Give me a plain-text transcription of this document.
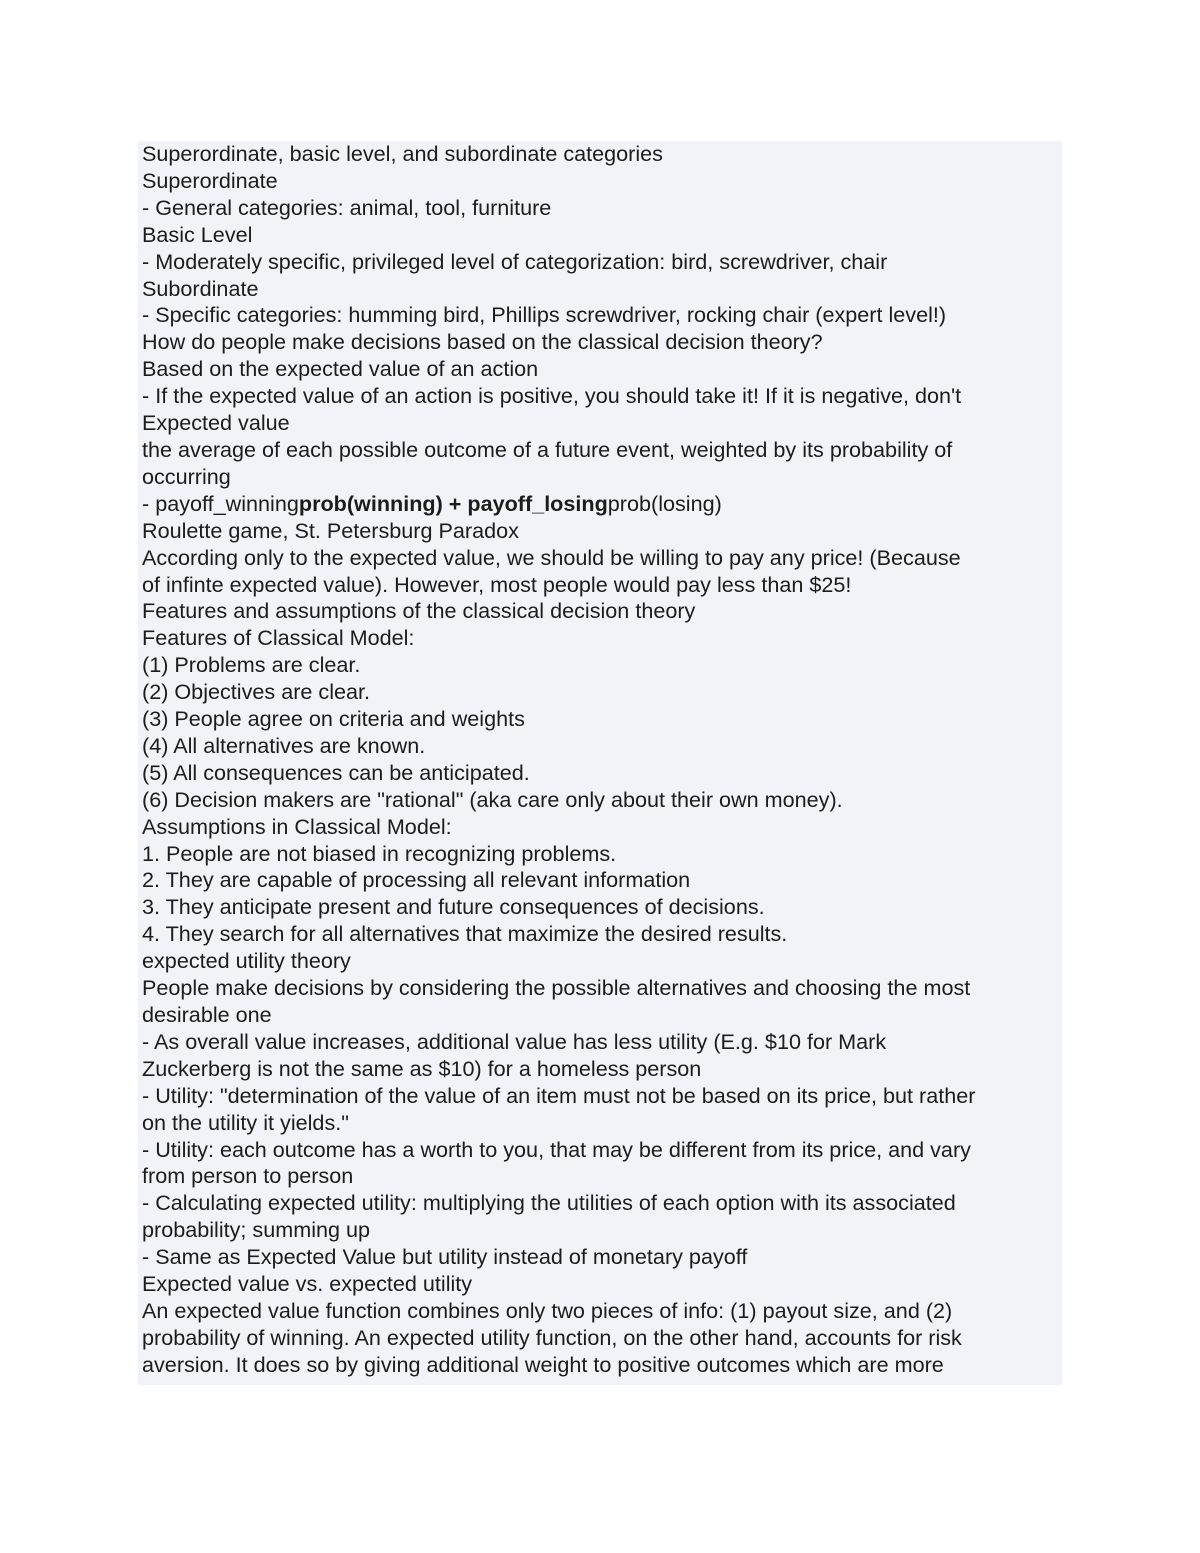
Superordinate, basic level, and subordinate categories
Superordinate
- General categories: animal, tool, furniture
Basic Level
- Moderately specific, privileged level of categorization: bird, screwdriver, chair
Subordinate
- Specific categories: humming bird, Phillips screwdriver, rocking chair (expert level!)
How do people make decisions based on the classical decision theory?
Based on the expected value of an action
- If the expected value of an action is positive, you should take it! If it is negative, don't
Expected value
the average of each possible outcome of a future event, weighted by its probability of
occurring
- payoff_winningprob(winning) + payoff_losingprob(losing)
Roulette game, St. Petersburg Paradox
According only to the expected value, we should be willing to pay any price! (Because
of infinte expected value). However, most people would pay less than $25!
Features and assumptions of the classical decision theory
Features of Classical Model:
(1) Problems are clear.
(2) Objectives are clear.
(3) People agree on criteria and weights
(4) All alternatives are known.
(5) All consequences can be anticipated.
(6) Decision makers are "rational" (aka care only about their own money).
Assumptions in Classical Model:
1. People are not biased in recognizing problems.
2. They are capable of processing all relevant information
3. They anticipate present and future consequences of decisions.
4. They search for all alternatives that maximize the desired results.
expected utility theory
People make decisions by considering the possible alternatives and choosing the most
desirable one
- As overall value increases, additional value has less utility (E.g. $10 for Mark
Zuckerberg is not the same as $10) for a homeless person
- Utility: "determination of the value of an item must not be based on its price, but rather
on the utility it yields."
- Utility: each outcome has a worth to you, that may be different from its price, and vary
from person to person
- Calculating expected utility: multiplying the utilities of each option with its associated
probability; summing up
- Same as Expected Value but utility instead of monetary payoff
Expected value vs. expected utility
An expected value function combines only two pieces of info: (1) payout size, and (2)
probability of winning. An expected utility function, on the other hand, accounts for risk
aversion. It does so by giving additional weight to positive outcomes which are more
